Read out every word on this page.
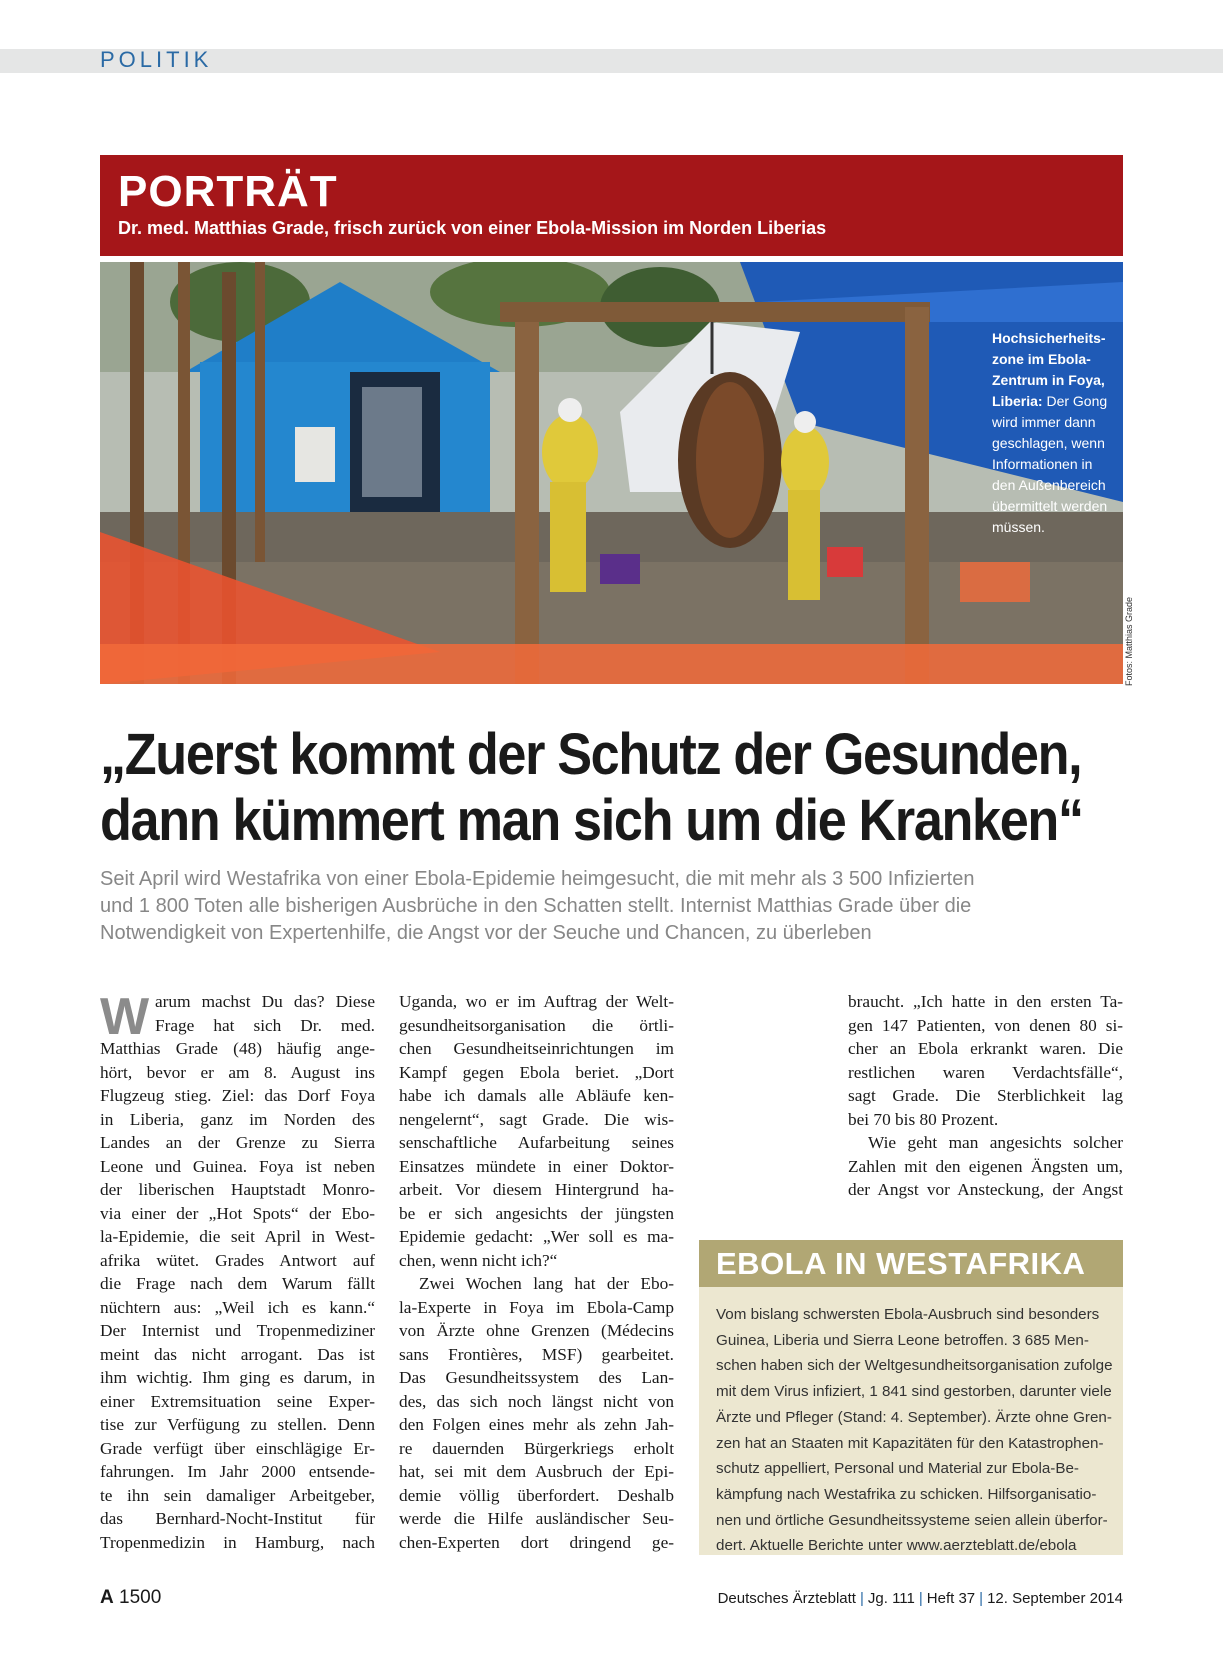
POLITIK
PORTRÄT
Dr. med. Matthias Grade, frisch zurück von einer Ebola-Mission im Norden Liberias
Hochsicherheits-
zone im Ebola-
Zentrum in Foya,
Liberia: Der Gong
wird immer dann
geschlagen, wenn
Informationen in
den Außenbereich
übermittelt werden
müssen.
Fotos: Matthias Grade
„Zuerst kommt der Schutz der Gesunden,
dann kümmert man sich um die Kranken“
Seit April wird Westafrika von einer Ebola-Epidemie heimgesucht, die mit mehr als 3 500 Infizierten
und 1 800 Toten alle bisherigen Ausbrüche in den Schatten stellt. Internist Matthias Grade über die
Notwendigkeit von Expertenhilfe, die Angst vor der Seuche und Chancen, zu überleben
W arum machst Du das? Diese
Frage hat sich Dr. med.
Matthias Grade (48) häufig ange-
hört, bevor er am 8. August ins
Flugzeug stieg. Ziel: das Dorf Foya
in Liberia, ganz im Norden des
Landes an der Grenze zu Sierra
Leone und Guinea. Foya ist neben
der liberischen Hauptstadt Monro-
via einer der „Hot Spots“ der Ebo-
la-Epidemie, die seit April in West-
afrika wütet. Grades Antwort auf
die Frage nach dem Warum fällt
nüchtern aus: „Weil ich es kann.“
Der Internist und Tropenmediziner
meint das nicht arrogant. Das ist
ihm wichtig. Ihm ging es darum, in
einer Extremsituation seine Exper-
tise zur Verfügung zu stellen. Denn
Grade verfügt über einschlägige Er-
fahrungen. Im Jahr 2000 entsende-
te ihn sein damaliger Arbeitgeber,
das Bernhard-Nocht-Institut für
Tropenmedizin in Hamburg, nach
Uganda, wo er im Auftrag der Welt-
gesundheitsorganisation die örtli-
chen Gesundheitseinrichtungen im
Kampf gegen Ebola beriet. „Dort
habe ich damals alle Abläufe ken-
nengelernt“, sagt Grade. Die wis-
senschaftliche Aufarbeitung seines
Einsatzes mündete in einer Doktor-
arbeit. Vor diesem Hintergrund ha-
be er sich angesichts der jüngsten
Epidemie gedacht: „Wer soll es ma-
chen, wenn nicht ich?“
Zwei Wochen lang hat der Ebo-
la-Experte in Foya im Ebola-Camp
von Ärzte ohne Grenzen (Médecins
sans Frontières, MSF) gearbeitet.
Das Gesundheitssystem des Lan-
des, das sich noch längst nicht von
den Folgen eines mehr als zehn Jah-
re dauernden Bürgerkriegs erholt
hat, sei mit dem Ausbruch der Epi-
demie völlig überfordert. Deshalb
werde die Hilfe ausländischer Seu-
chen-Experten dort dringend ge-
braucht. „Ich hatte in den ersten Ta-
gen 147 Patienten, von denen 80 si-
cher an Ebola erkrankt waren. Die
restlichen waren Verdachtsfälle“,
sagt Grade. Die Sterblichkeit lag
bei 70 bis 80 Prozent.
Wie geht man angesichts solcher
Zahlen mit den eigenen Ängsten um,
der Angst vor Ansteckung, der Angst
EBOLA IN WESTAFRIKA
Vom bislang schwersten Ebola-Ausbruch sind besonders
Guinea, Liberia und Sierra Leone betroffen. 3 685 Men-
schen haben sich der Weltgesundheitsorganisation zufolge
mit dem Virus infiziert, 1 841 sind gestorben, darunter viele
Ärzte und Pfleger (Stand: 4. September). Ärzte ohne Gren-
zen hat an Staaten mit Kapazitäten für den Katastrophen-
schutz appelliert, Personal und Material zur Ebola-Be-
kämpfung nach Westafrika zu schicken. Hilfsorganisatio-
nen und örtliche Gesundheitssysteme seien allein überfor-
dert. Aktuelle Berichte unter www.aerzteblatt.de/ebola
A 1500	Deutsches Ärzteblatt | Jg. 111 | Heft 37 | 12. September 2014
